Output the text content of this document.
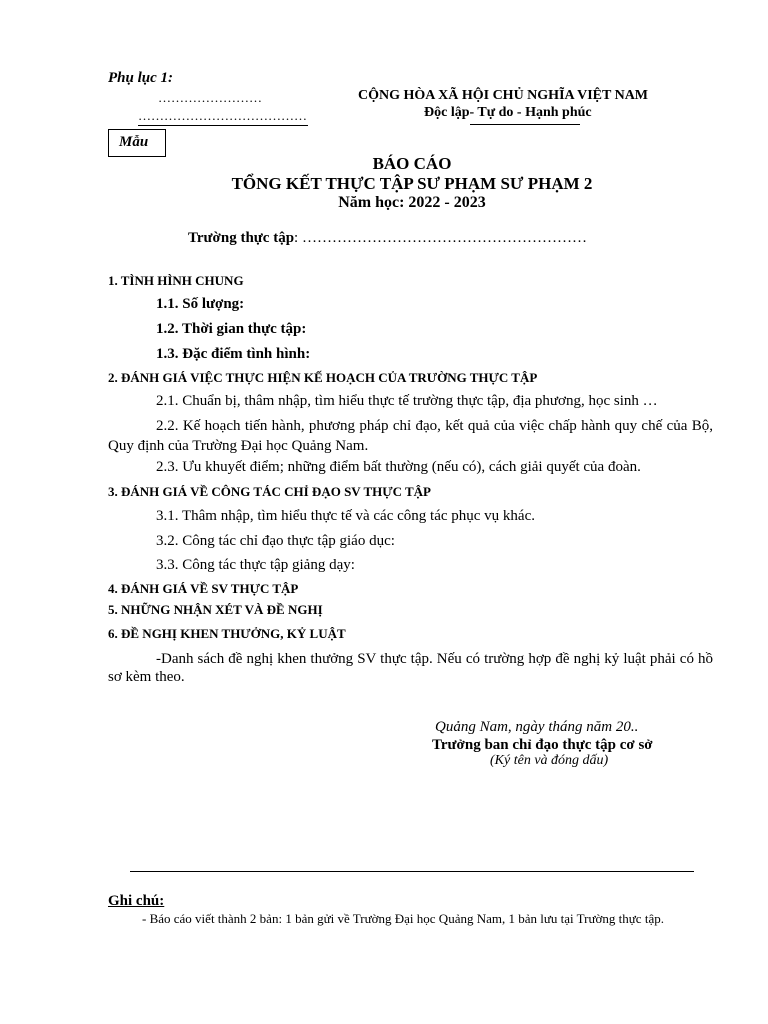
Phụ lục 1:
……………………
…………………………………
CỘNG HÒA XÃ HỘI CHỦ NGHĨA VIỆT NAM
Độc lập- Tự do - Hạnh phúc
Mẫu
BÁO CÁO
TỔNG KẾT THỰC TẬP SƯ PHẠM SƯ PHẠM 2
Năm học: 2022 - 2023
Trường thực tập: …………………………………………………
1. TÌNH HÌNH CHUNG
1.1. Số lượng:
1.2. Thời gian thực tập:
1.3. Đặc điểm tình hình:
2. ĐÁNH GIÁ VIỆC THỰC HIỆN KẾ HOẠCH CỦA TRƯỜNG THỰC TẬP
2.1. Chuẩn bị, thâm nhập, tìm hiểu thực tế trường thực tập, địa phương, học sinh …
2.2. Kế hoạch tiến hành, phương pháp chỉ đạo, kết quả của việc chấp hành quy chế của Bộ, Quy định của Trường Đại học Quảng Nam.
2.3. Ưu khuyết điểm; những điểm bất thường (nếu có), cách giải quyết của đoàn.
3. ĐÁNH GIÁ VỀ CÔNG TÁC CHỈ ĐẠO SV THỰC TẬP
3.1. Thâm nhập, tìm hiểu thực tế và các công tác phục vụ khác.
3.2. Công tác chỉ đạo thực tập giáo dục:
3.3. Công tác thực tập giảng dạy:
4. ĐÁNH GIÁ VỀ SV THỰC TẬP
5. NHỮNG NHẬN XÉT VÀ ĐỀ NGHỊ
6. ĐỀ NGHỊ KHEN THƯỞNG, KỶ LUẬT
-Danh sách đề nghị khen thưởng SV thực tập. Nếu có trường hợp đề nghị kỷ luật phải có hồ sơ kèm theo.
Quảng Nam, ngày tháng năm 20..
Trưởng ban chỉ đạo thực tập cơ sở
(Ký tên và đóng dấu)
Ghi chú:
- Báo cáo viết thành 2 bản: 1 bản gửi về Trường Đại học Quảng Nam, 1 bản lưu tại Trường thực tập.
